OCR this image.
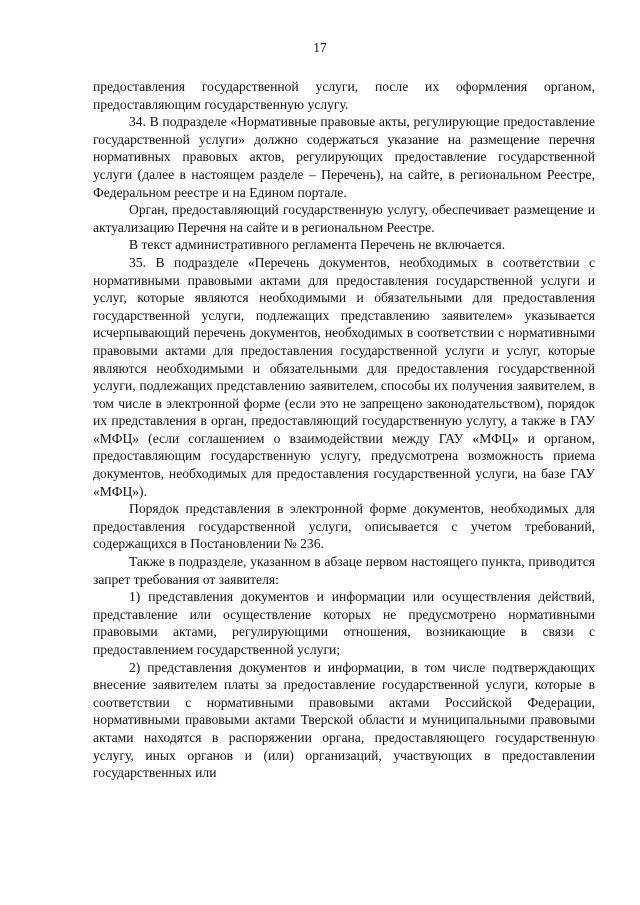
17

предоставления государственной услуги, после их оформления органом, предоставляющим государственную услугу.

34. В подразделе «Нормативные правовые акты, регулирующие предоставление государственной услуги» должно содержаться указание на размещение перечня нормативных правовых актов, регулирующих предоставление государственной услуги (далее в настоящем разделе – Перечень), на сайте, в региональном Реестре, Федеральном реестре и на Едином портале.

Орган, предоставляющий государственную услугу, обеспечивает размещение и актуализацию Перечня на сайте и в региональном Реестре.

В текст административного регламента Перечень не включается.

35. В подразделе «Перечень документов, необходимых в соответствии с нормативными правовыми актами для предоставления государственной услуги и услуг, которые являются необходимыми и обязательными для предоставления государственной услуги, подлежащих представлению заявителем» указывается исчерпывающий перечень документов, необходимых в соответствии с нормативными правовыми актами для предоставления государственной услуги и услуг, которые являются необходимыми и обязательными для предоставления государственной услуги, подлежащих представлению заявителем, способы их получения заявителем, в том числе в электронной форме (если это не запрещено законодательством), порядок их представления в орган, предоставляющий государственную услугу, а также в ГАУ «МФЦ» (если соглашением о взаимодействии между ГАУ «МФЦ» и органом, предоставляющим государственную услугу, предусмотрена возможность приема документов, необходимых для предоставления государственной услуги, на базе ГАУ «МФЦ»).

Порядок представления в электронной форме документов, необходимых для предоставления государственной услуги, описывается с учетом требований, содержащихся в Постановлении № 236.

Также в подразделе, указанном в абзаце первом настоящего пункта, приводится запрет требования от заявителя:

1) представления документов и информации или осуществления действий, представление или осуществление которых не предусмотрено нормативными правовыми актами, регулирующими отношения, возникающие в связи с предоставлением государственной услуги;

2) представления документов и информации, в том числе подтверждающих внесение заявителем платы за предоставление государственной услуги, которые в соответствии с нормативными правовыми актами Российской Федерации, нормативными правовыми актами Тверской области и муниципальными правовыми актами находятся в распоряжении органа, предоставляющего государственную услугу, иных органов и (или) организаций, участвующих в предоставлении государственных или
